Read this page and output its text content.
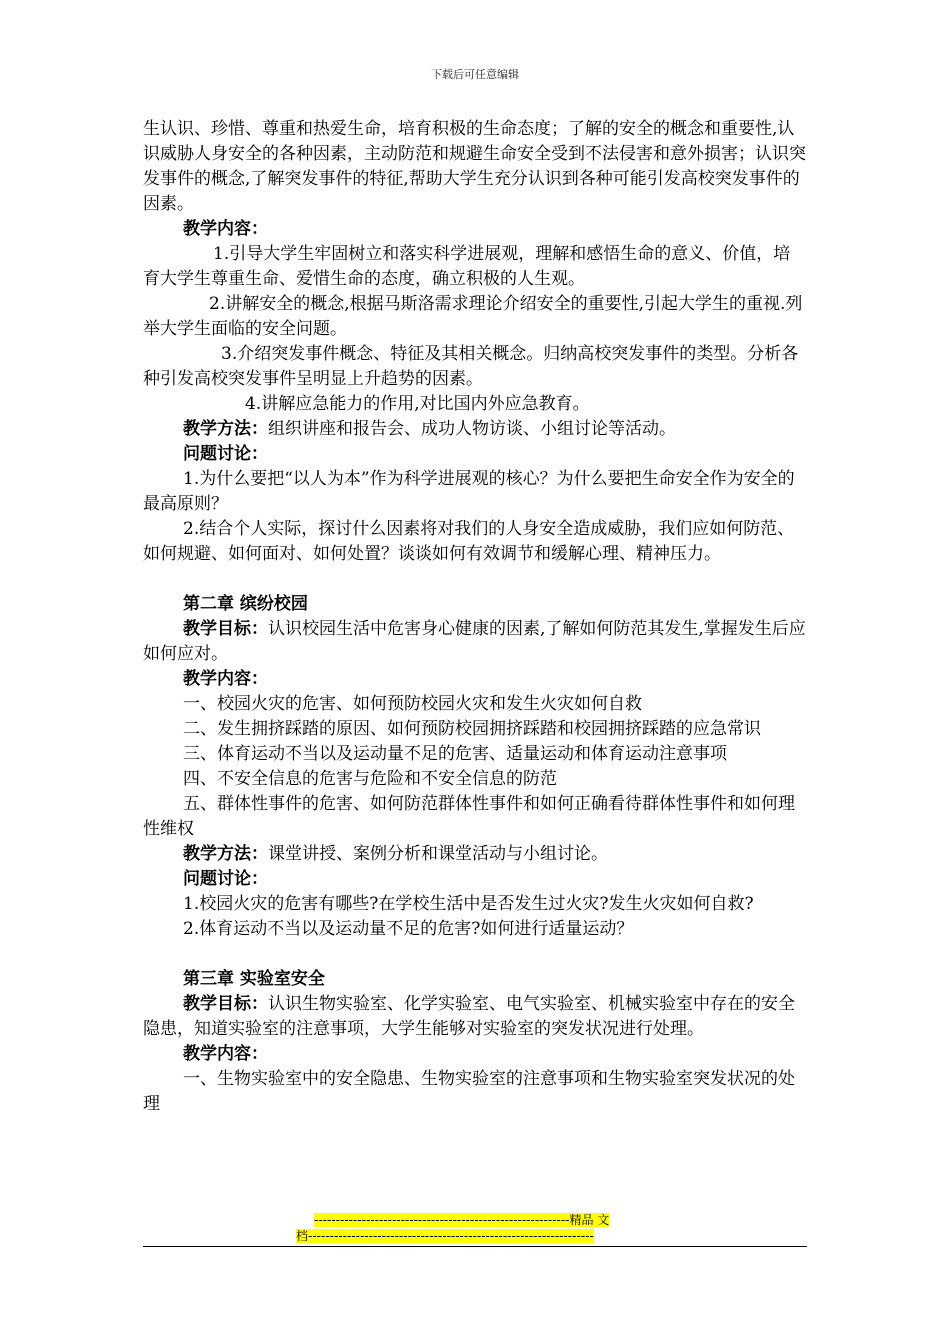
下载后可任意编辑

生认识、珍惜、尊重和热爱生命，培育积极的生命态度；了解的安全的概念和重要性,认识威胁人身安全的各种因素，主动防范和规避生命安全受到不法侵害和意外损害；认识突发事件的概念,了解突发事件的特征,帮助大学生充分认识到各种可能引发高校突发事件的因素。

教学内容：

1.引导大学生牢固树立和落实科学进展观，理解和感悟生命的意义、价值，培育大学生尊重生命、爱惜生命的态度，确立积极的人生观。

2.讲解安全的概念,根据马斯洛需求理论介绍安全的重要性,引起大学生的重视.列举大学生面临的安全问题。

3.介绍突发事件概念、特征及其相关概念。归纳高校突发事件的类型。分析各种引发高校突发事件呈明显上升趋势的因素。

4.讲解应急能力的作用,对比国内外应急教育。

教学方法：组织讲座和报告会、成功人物访谈、小组讨论等活动。

问题讨论：

1.为什么要把“以人为本”作为科学进展观的核心？为什么要把生命安全作为安全的最高原则？

2.结合个人实际，探讨什么因素将对我们的人身安全造成威胁，我们应如何防范、如何规避、如何面对、如何处置？谈谈如何有效调节和缓解心理、精神压力。

第二章 缤纷校园

教学目标：认识校园生活中危害身心健康的因素,了解如何防范其发生,掌握发生后应如何应对。

教学内容：

一、校园火灾的危害、如何预防校园火灾和发生火灾如何自救

二、发生拥挤踩踏的原因、如何预防校园拥挤踩踏和校园拥挤踩踏的应急常识

三、体育运动不当以及运动量不足的危害、适量运动和体育运动注意事项

四、不安全信息的危害与危险和不安全信息的防范

五、群体性事件的危害、如何防范群体性事件和如何正确看待群体性事件和如何理性维权

教学方法：课堂讲授、案例分析和课堂活动与小组讨论。

问题讨论：

1.校园火灾的危害有哪些?在学校生活中是否发生过火灾?发生火灾如何自救?

2.体育运动不当以及运动量不足的危害?如何进行适量运动？

第三章 实验室安全

教学目标：认识生物实验室、化学实验室、电气实验室、机械实验室中存在的安全隐患，知道实验室的注意事项，大学生能够对实验室的突发状况进行处理。

教学内容：

一、生物实验室中的安全隐患、生物实验室的注意事项和生物实验室突发状况的处理

-----------------------------------------------------------精品 文
档------------------------------------------------------------------
